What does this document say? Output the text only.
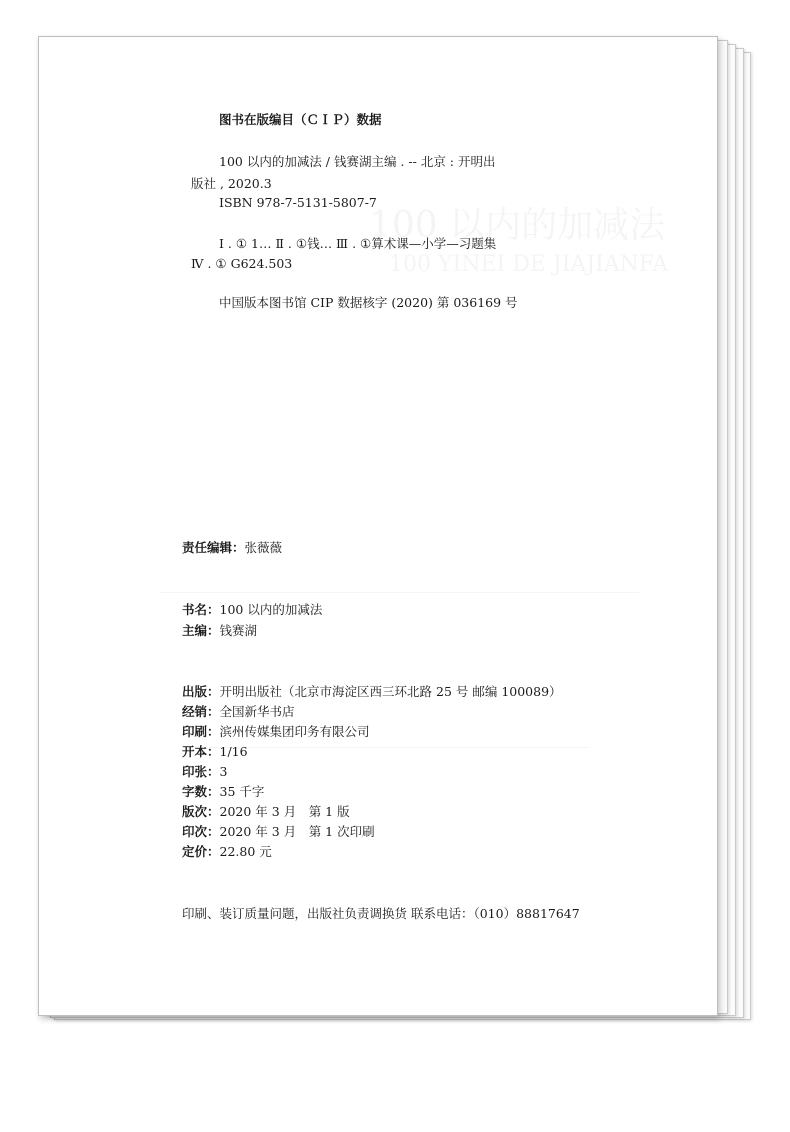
图书在版编目（ＣＩＰ）数据
100 以内的加减法 / 钱赛湖主编 . -- 北京 : 开明出
版社 , 2020.3
ISBN 978-7-5131-5807-7
Ⅰ . ① 1… Ⅱ . ①钱… Ⅲ . ①算术课—小学—习题集
Ⅳ . ① G624.503
中国版本图书馆 CIP 数据核字 (2020) 第 036169 号
责任编辑：张薇薇
书名：100 以内的加减法
主编：钱赛湖
出版：开明出版社（北京市海淀区西三环北路 25 号 邮编 100089）
经销：全国新华书店
印刷：滨州传媒集团印务有限公司
开本：1/16
印张：3
字数：35 千字
版次：2020 年 3 月　第 1 版
印次：2020 年 3 月　第 1 次印刷
定价：22.80 元
印刷、装订质量问题，出版社负责调换货 联系电话：（010）88817647
